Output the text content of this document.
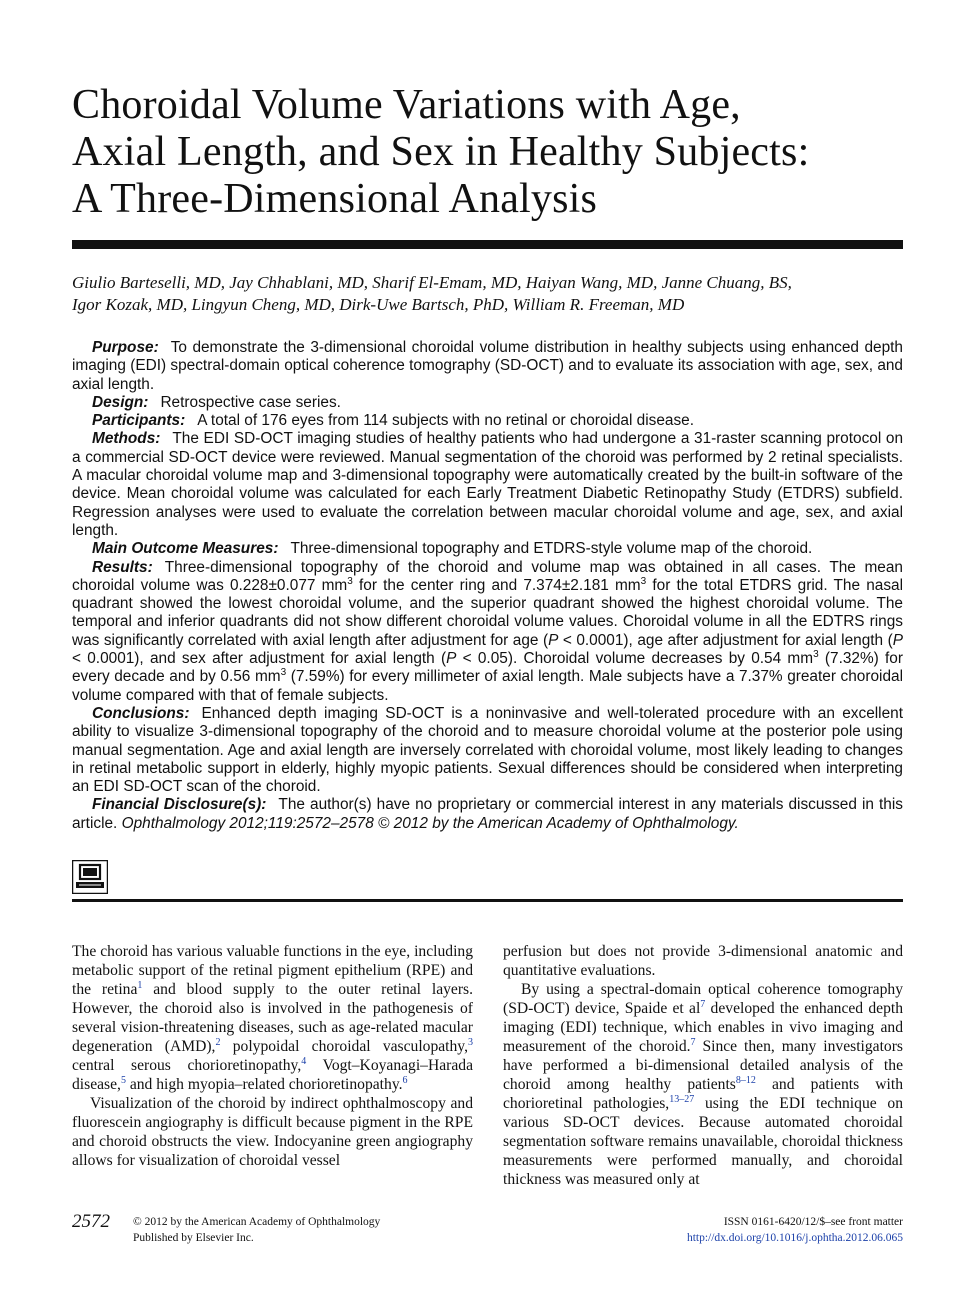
Choroidal Volume Variations with Age,
Axial Length, and Sex in Healthy Subjects:
A Three-Dimensional Analysis
Giulio Barteselli, MD, Jay Chhablani, MD, Sharif El-Emam, MD, Haiyan Wang, MD, Janne Chuang, BS,
Igor Kozak, MD, Lingyun Cheng, MD, Dirk-Uwe Bartsch, PhD, William R. Freeman, MD

Purpose: To demonstrate the 3-dimensional choroidal volume distribution in healthy subjects using enhanced depth imaging (EDI) spectral-domain optical coherence tomography (SD-OCT) and to evaluate its association with age, sex, and axial length.

Design: Retrospective case series.

Participants: A total of 176 eyes from 114 subjects with no retinal or choroidal disease.

Methods: The EDI SD-OCT imaging studies of healthy patients who had undergone a 31-raster scanning protocol on a commercial SD-OCT device were reviewed. Manual segmentation of the choroid was performed by 2 retinal specialists. A macular choroidal volume map and 3-dimensional topography were automatically created by the built-in software of the device. Mean choroidal volume was calculated for each Early Treatment Diabetic Retinopathy Study (ETDRS) subfield. Regression analyses were used to evaluate the correlation between macular choroidal volume and age, sex, and axial length.

Main Outcome Measures: Three-dimensional topography and ETDRS-style volume map of the choroid.

Results: Three-dimensional topography of the choroid and volume map was obtained in all cases. The mean choroidal volume was 0.228±0.077 $mm^3$ for the center ring and 7.374±2.181 $mm^3$ for the total ETDRS grid. The nasal quadrant showed the lowest choroidal volume, and the superior quadrant showed the highest choroidal volume. The temporal and inferior quadrants did not show different choroidal volume values. Choroidal volume in all the EDTRS rings was significantly correlated with axial length after adjustment for age (P < 0.0001), age after adjustment for axial length (P < 0.0001), and sex after adjustment for axial length (P < 0.05). Choroidal volume decreases by 0.54 $mm^3$ (7.32%) for every decade and by 0.56 $mm^3$ (7.59%) for every millimeter of axial length. Male subjects have a 7.37% greater choroidal volume compared with that of female subjects.

Conclusions: Enhanced depth imaging SD-OCT is a noninvasive and well-tolerated procedure with an excellent ability to visualize 3-dimensional topography of the choroid and to measure choroidal volume at the posterior pole using manual segmentation. Age and axial length are inversely correlated with choroidal volume, most likely leading to changes in retinal metabolic support in elderly, highly myopic patients. Sexual differences should be considered when interpreting an EDI SD-OCT scan of the choroid.

Financial Disclosure(s): The author(s) have no proprietary or commercial interest in any materials discussed in this article. Ophthalmology 2012;119:2572–2578 © 2012 by the American Academy of Ophthalmology.

The choroid has various valuable functions in the eye, including metabolic support of the retinal pigment epithelium (RPE) and the retina$^1$ and blood supply to the outer retinal layers. However, the choroid also is involved in the pathogenesis of several vision-threatening diseases, such as age-related macular degeneration (AMD),$^2$ polypoidal choroidal vasculopathy,$^3$ central serous chorioretinopathy,$^4$ Vogt–Koyanagi–Harada disease,$^5$ and high myopia–related chorioretinopathy.$^6$

Visualization of the choroid by indirect ophthalmoscopy and fluorescein angiography is difficult because pigment in the RPE and choroid obstructs the view. Indocyanine green angiography allows for visualization of choroidal vessel

perfusion but does not provide 3-dimensional anatomic and quantitative evaluations.

By using a spectral-domain optical coherence tomography (SD-OCT) device, Spaide et $al^7$ developed the enhanced depth imaging (EDI) technique, which enables in vivo imaging and measurement of the choroid.$^7$ Since then, many investigators have performed a bi-dimensional detailed analysis of the choroid among healthy patients$^{8-12}$ and patients with chorioretinal pathologies,$^{13-27}$ using the EDI technique on various SD-OCT devices. Because automated choroidal segmentation software remains unavailable, choroidal thickness measurements were performed manually, and choroidal thickness was measured only at

2572 © 2012 by the American Academy of Ophthalmology
Published by Elsevier Inc.
ISSN 0161-6420/12/$–see front matter
http://dx.doi.org/10.1016/j.ophtha.2012.06.065
